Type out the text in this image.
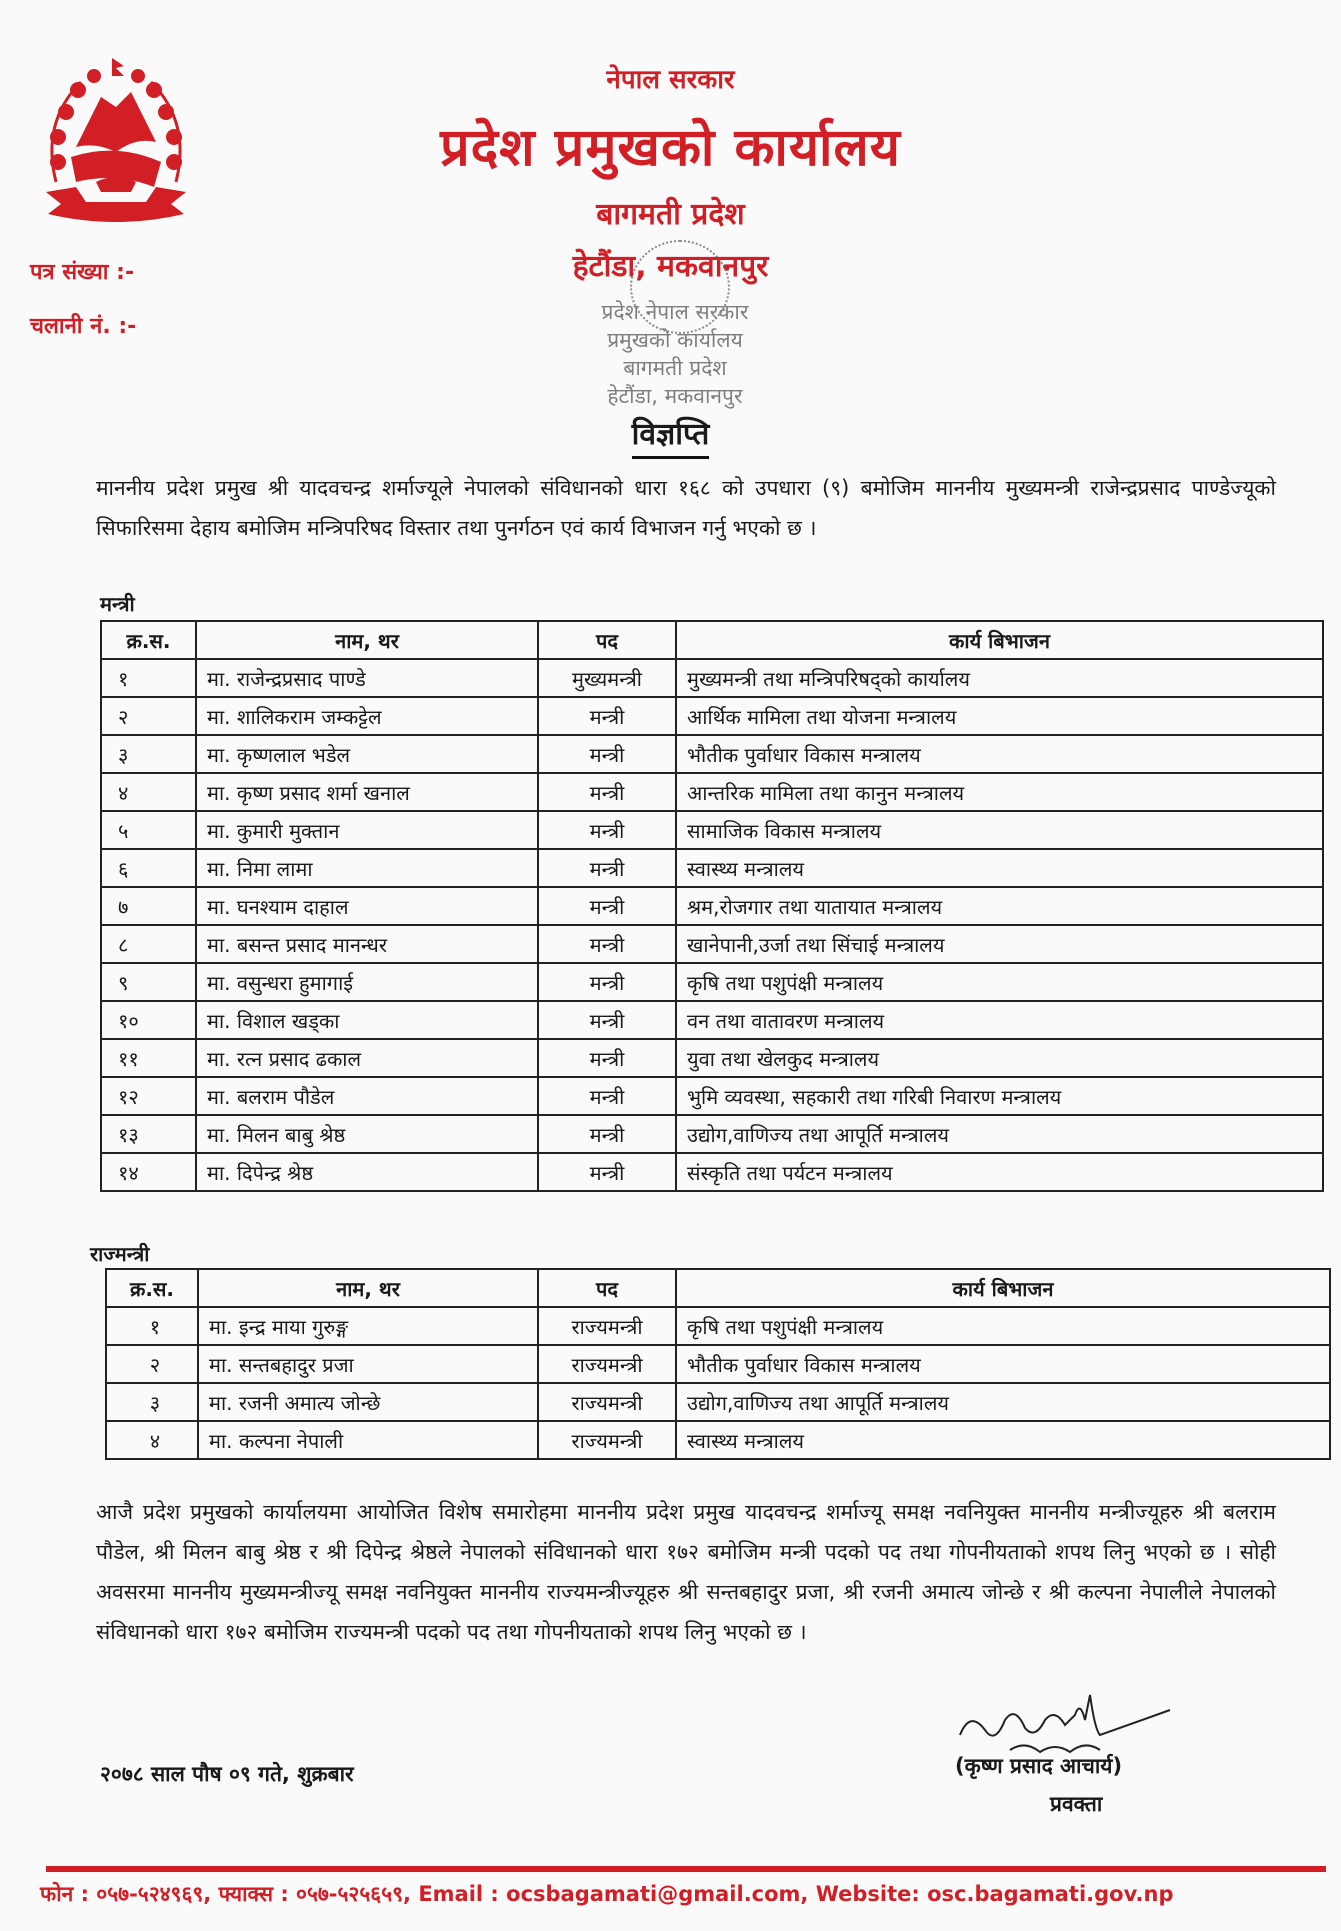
नेपाल सरकार
प्रदेश प्रमुखको कार्यालय
बागमती प्रदेश
हेटौंडा, मकवानपुर
पत्र संख्या :-
चलानी नं. :-
प्रदेश नेपाल सरकार
प्रमुखको कार्यालय
बागमती प्रदेश
हेटौंडा, मकवानपुर
विज्ञप्ति
माननीय प्रदेश प्रमुख श्री यादवचन्द्र शर्माज्यूले नेपालको संविधानको धारा १६८ को उपधारा (९) बमोजिम माननीय मुख्यमन्त्री राजेन्द्रप्रसाद पाण्डेज्यूको सिफारिसमा देहाय बमोजिम मन्त्रिपरिषद विस्तार तथा पुनर्गठन एवं कार्य विभाजन गर्नु भएको छ ।
मन्त्री
क्र.स.	नाम, थर	पद	कार्य बिभाजन
१	मा. राजेन्द्रप्रसाद पाण्डे	मुख्यमन्त्री	मुख्यमन्त्री तथा मन्त्रिपरिषद्को कार्यालय
२	मा. शालिकराम जम्कट्टेल	मन्त्री	आर्थिक मामिला तथा योजना मन्त्रालय
३	मा. कृष्णलाल भडेल	मन्त्री	भौतीक पुर्वाधार विकास मन्त्रालय
४	मा. कृष्ण प्रसाद शर्मा खनाल	मन्त्री	आन्तरिक मामिला तथा कानुन मन्त्रालय
५	मा. कुमारी मुक्तान	मन्त्री	सामाजिक विकास मन्त्रालय
६	मा. निमा लामा	मन्त्री	स्वास्थ्य मन्त्रालय
७	मा. घनश्याम दाहाल	मन्त्री	श्रम,रोजगार तथा यातायात मन्त्रालय
८	मा. बसन्त प्रसाद मानन्धर	मन्त्री	खानेपानी,उर्जा तथा सिंचाई मन्त्रालय
९	मा. वसुन्धरा हुमागाई	मन्त्री	कृषि तथा पशुपंक्षी मन्त्रालय
१०	मा. विशाल खड्का	मन्त्री	वन तथा वातावरण मन्त्रालय
११	मा. रत्न प्रसाद ढकाल	मन्त्री	युवा तथा खेलकुद मन्त्रालय
१२	मा. बलराम पौडेल	मन्त्री	भुमि व्यवस्था, सहकारी तथा गरिबी निवारण मन्त्रालय
१३	मा. मिलन बाबु श्रेष्ठ	मन्त्री	उद्योग,वाणिज्य तथा आपूर्ति मन्त्रालय
१४	मा. दिपेन्द्र श्रेष्ठ	मन्त्री	संस्कृति तथा पर्यटन मन्त्रालय
राज्मन्त्री
क्र.स.	नाम, थर	पद	कार्य बिभाजन
१	मा. इन्द्र माया गुरुङ्ग	राज्यमन्त्री	कृषि तथा पशुपंक्षी मन्त्रालय
२	मा. सन्तबहादुर प्रजा	राज्यमन्त्री	भौतीक पुर्वाधार विकास मन्त्रालय
३	मा. रजनी अमात्य जोन्छे	राज्यमन्त्री	उद्योग,वाणिज्य तथा आपूर्ति मन्त्रालय
४	मा. कल्पना नेपाली	राज्यमन्त्री	स्वास्थ्य मन्त्रालय
आजै प्रदेश प्रमुखको कार्यालयमा आयोजित विशेष समारोहमा माननीय प्रदेश प्रमुख यादवचन्द्र शर्माज्यू समक्ष नवनियुक्त माननीय मन्त्रीज्यूहरु श्री बलराम पौडेल, श्री मिलन बाबु श्रेष्ठ र श्री दिपेन्द्र श्रेष्ठले नेपालको संविधानको धारा १७२ बमोजिम मन्त्री पदको पद तथा गोपनीयताको शपथ लिनु भएको छ । सोही अवसरमा माननीय मुख्यमन्त्रीज्यू समक्ष नवनियुक्त माननीय राज्यमन्त्रीज्यूहरु श्री सन्तबहादुर प्रजा, श्री रजनी अमात्य जोन्छे र श्री कल्पना नेपालीले नेपालको संविधानको धारा १७२ बमोजिम राज्यमन्त्री पदको पद तथा गोपनीयताको शपथ लिनु भएको छ ।
२०७८ साल पौष ०९ गते, शुक्रबार	(कृष्ण प्रसाद आचार्य)
प्रवक्ता
फोन : ०५७-५२४९६९, फ्याक्स : ०५७-५२५६५९, Email : ocsbagamati@gmail.com, Website: osc.bagamati.gov.np
